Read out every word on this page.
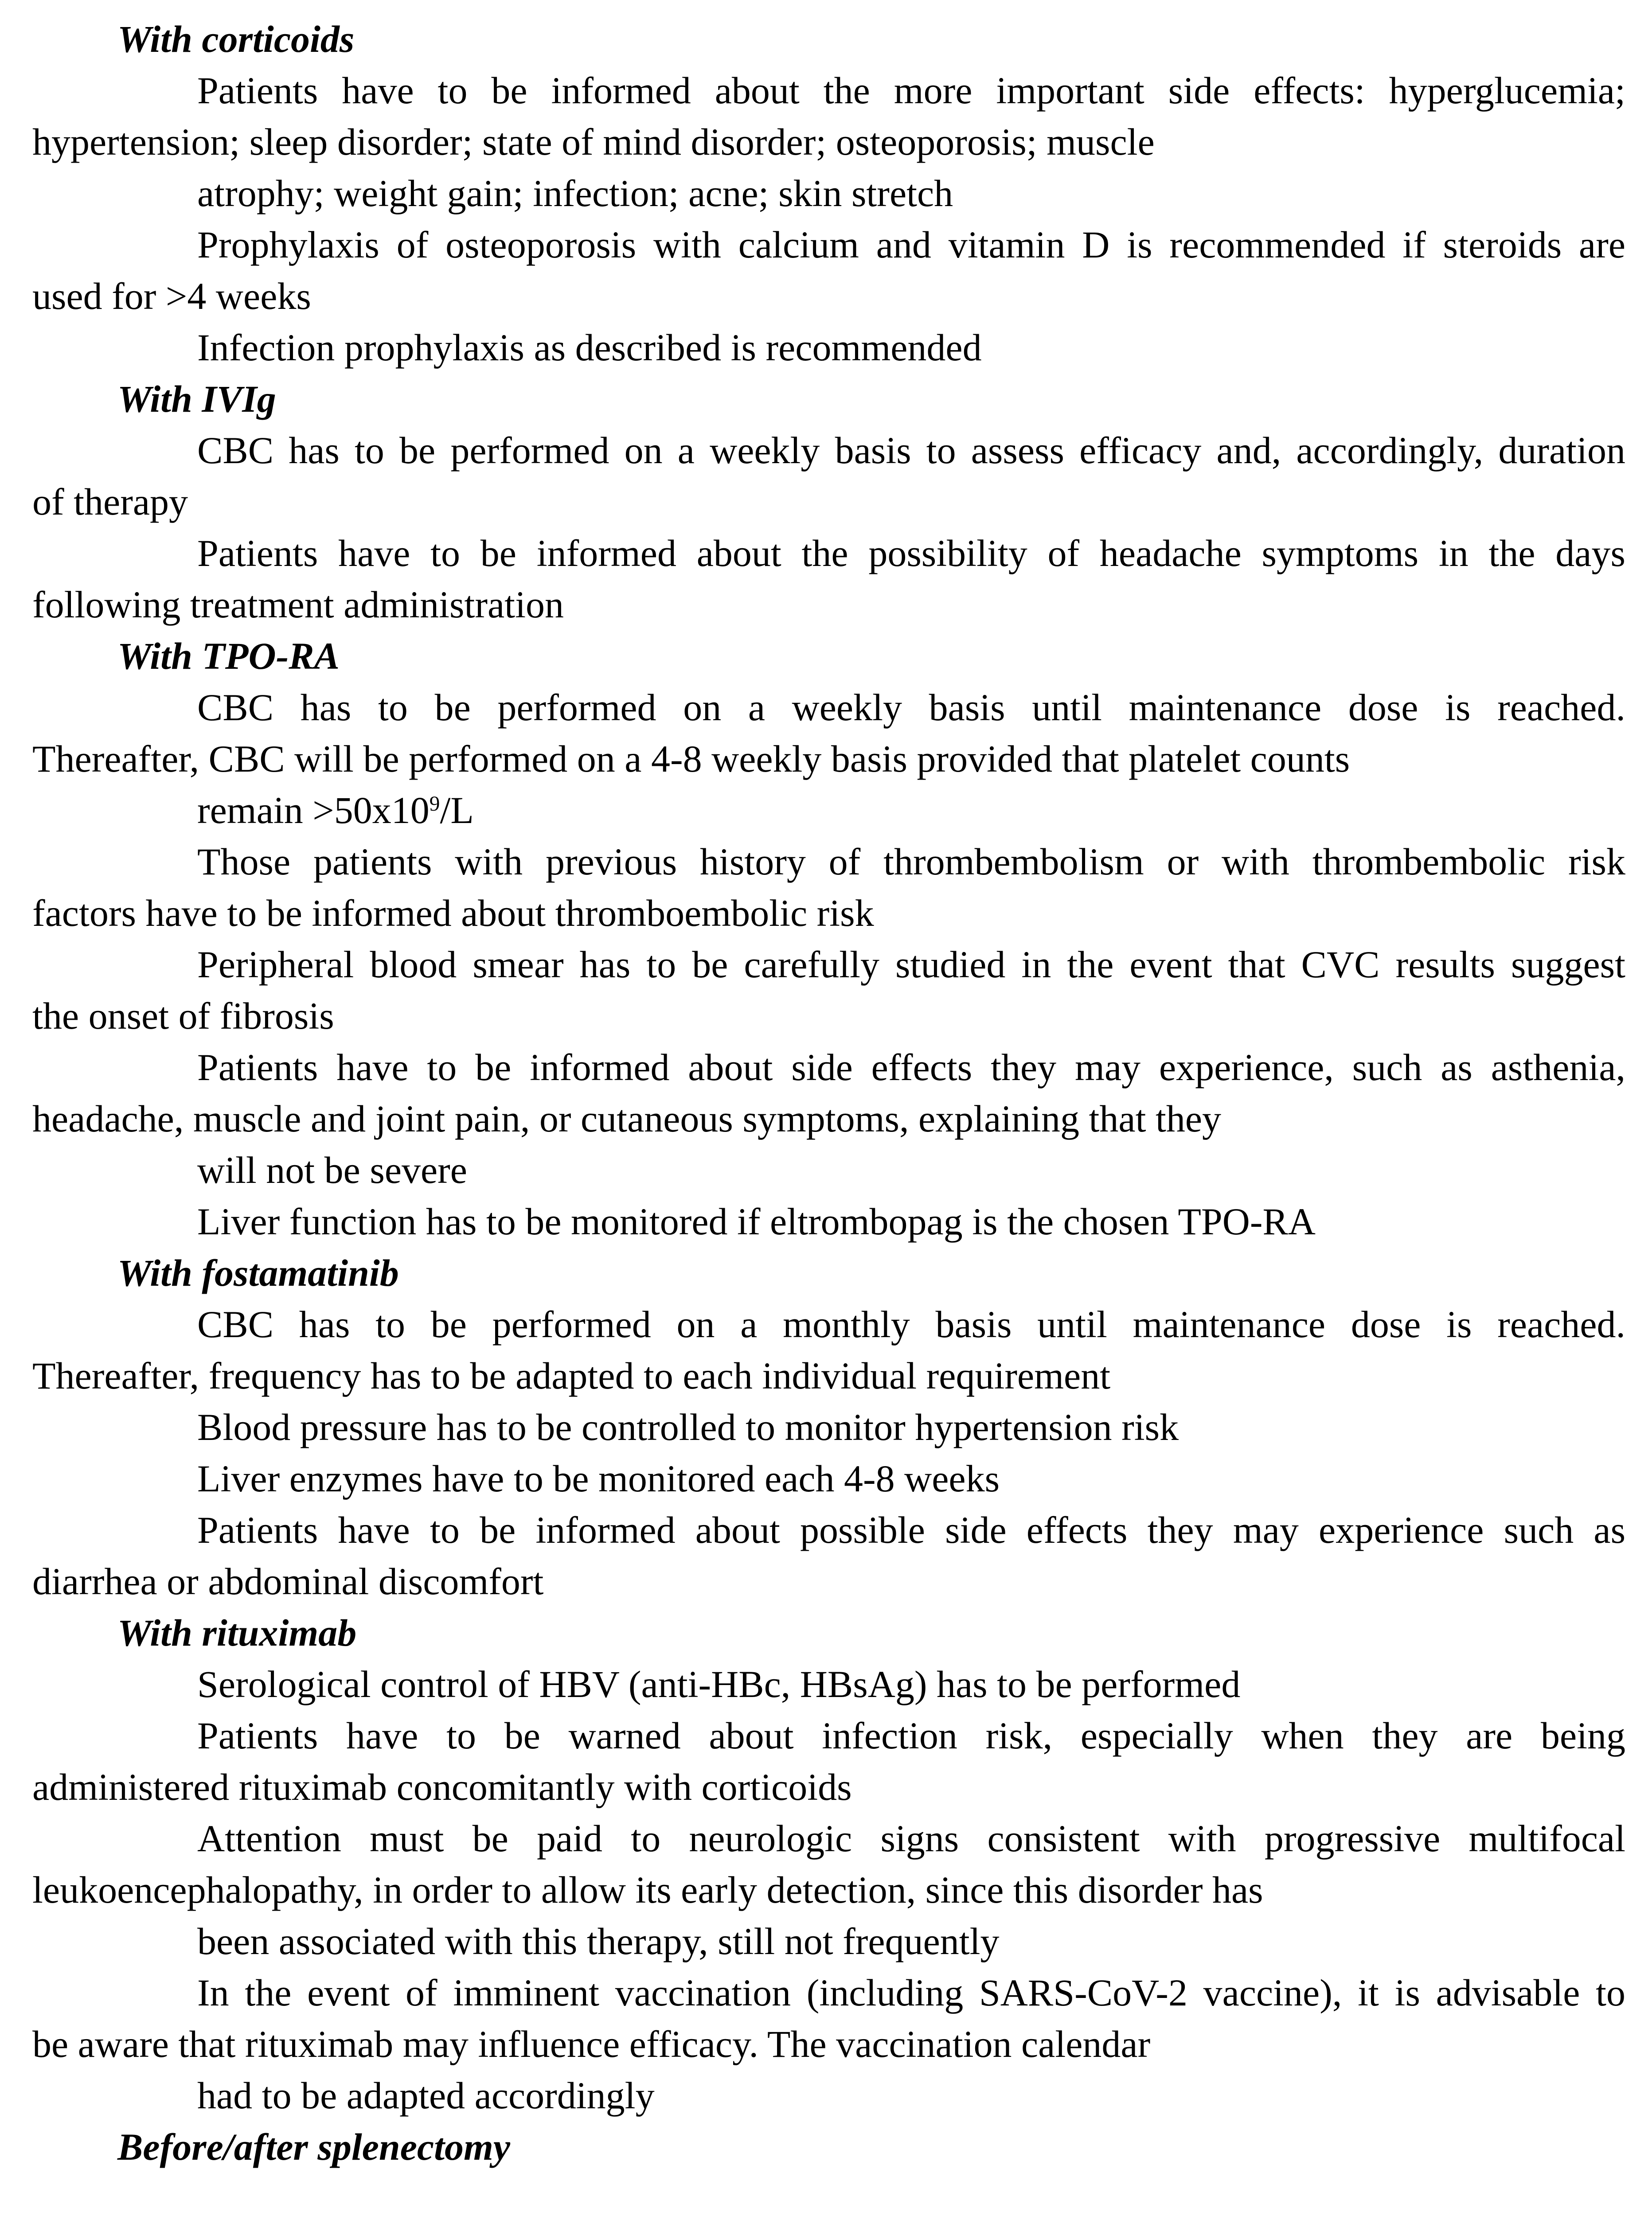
With corticoids
Patients have to be informed about the more important side effects: hyperglucemia;
hypertension; sleep disorder; state of mind disorder; osteoporosis; muscle
atrophy; weight gain; infection; acne; skin stretch
Prophylaxis of osteoporosis with calcium and vitamin D is recommended if steroids are
used for >4 weeks
Infection prophylaxis as described is recommended
With IVIg
CBC has to be performed on a weekly basis to assess efficacy and, accordingly, duration
of therapy
Patients have to be informed about the possibility of headache symptoms in the days
following treatment administration
With TPO-RA
CBC has to be performed on a weekly basis until maintenance dose is reached.
Thereafter, CBC will be performed on a 4-8 weekly basis provided that platelet counts
remain $>50x10^9/L$
Those patients with previous history of thrombembolism or with thrombembolic risk
factors have to be informed about thromboembolic risk
Peripheral blood smear has to be carefully studied in the event that CVC results suggest
the onset of fibrosis
Patients have to be informed about side effects they may experience, such as asthenia,
headache, muscle and joint pain, or cutaneous symptoms, explaining that they
will not be severe
Liver function has to be monitored if eltrombopag is the chosen TPO-RA
With fostamatinib
CBC has to be performed on a monthly basis until maintenance dose is reached.
Thereafter, frequency has to be adapted to each individual requirement
Blood pressure has to be controlled to monitor hypertension risk
Liver enzymes have to be monitored each 4-8 weeks
Patients have to be informed about possible side effects they may experience such as
diarrhea or abdominal discomfort
With rituximab
Serological control of HBV (anti-HBc, HBsAg) has to be performed
Patients have to be warned about infection risk, especially when they are being
administered rituximab concomitantly with corticoids
Attention must be paid to neurologic signs consistent with progressive multifocal
leukoencephalopathy, in order to allow its early detection, since this disorder has
been associated with this therapy, still not frequently
In the event of imminent vaccination (including SARS-CoV-2 vaccine), it is advisable to
be aware that rituximab may influence efficacy. The vaccination calendar
had to be adapted accordingly
Before/after splenectomy
